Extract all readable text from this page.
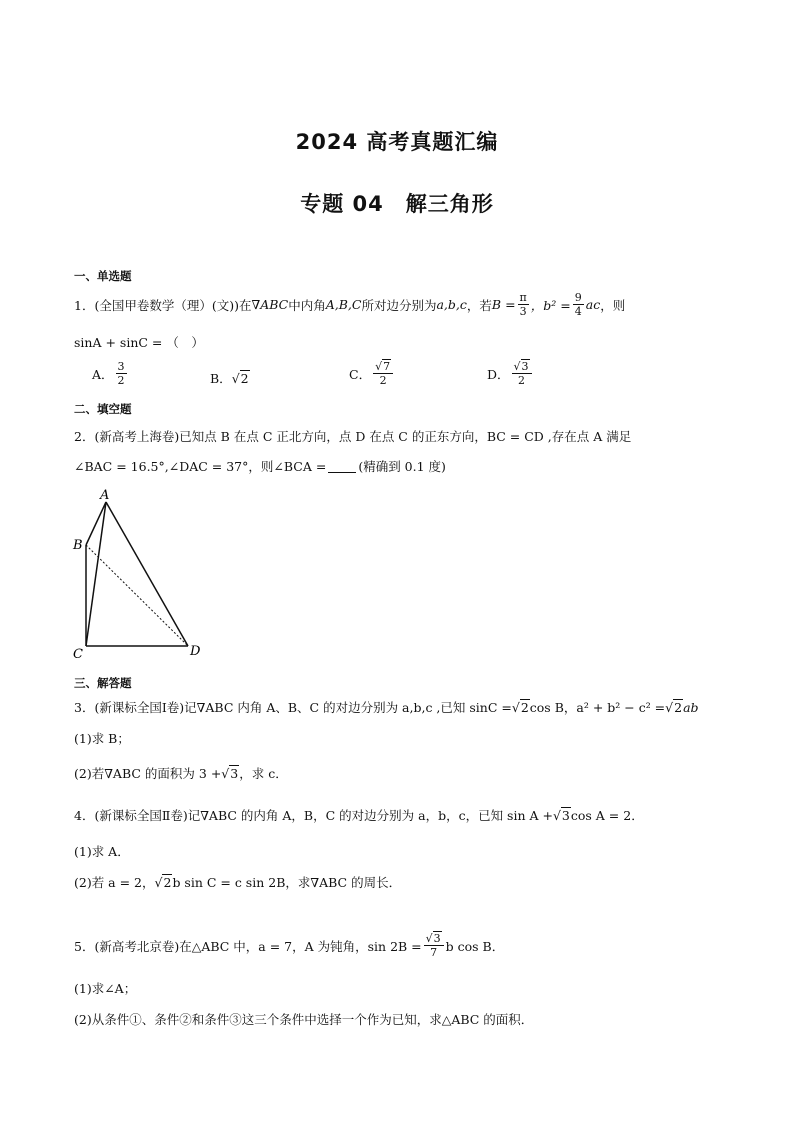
2024 高考真题汇编
专题 04　解三角形

一、单选题

1．(全国甲卷数学（理）(文))在 ∇ABC 中内角 A,B,C 所对边分别为 a,b,c ，若 $B = \frac{\pi}{3}$ ，$b^2 = \frac{9}{4}$ ac ，则
sinA + sinC = （　）
A． $\frac{3}{2}$	B． √2	C． $\frac{√7}{2}$	D． $\frac{√3}{2}$

二、填空题

2．(新高考上海卷)已知点 B 在点 C 正北方向，点 D 在点 C 的正东方向，BC = CD ,存在点 A 满足
∠BAC = 16.5°,∠DAC = 37°，则∠BCA =	(精确到 0.1 度)
A
B
C	D

三、解答题

3．(新课标全国Ⅰ卷)记∇ABC 内角 A、B、C 的对边分别为 a,b,c ,已知 sinC = √2 cos B，a² + b² − c² = √2 ab
(1)求 B；
(2)若∇ABC 的面积为 3 + √3 ，求 c．
4．(新课标全国Ⅱ卷)记∇ABC 的内角 A，B，C 的对边分别为 a，b，c，已知 sin A + √3 cos A = 2．
(1)求 A．
(2)若 a = 2， √2 b sin C = c sin 2B，求∇ABC 的周长．
5．(新高考北京卷)在△ABC 中，a = 7，A 为钝角，$\sin 2B = \frac{√3}{7}$ b cos B．
(1)求∠A；
(2)从条件①、条件②和条件③这三个条件中选择一个作为已知，求△ABC 的面积．
